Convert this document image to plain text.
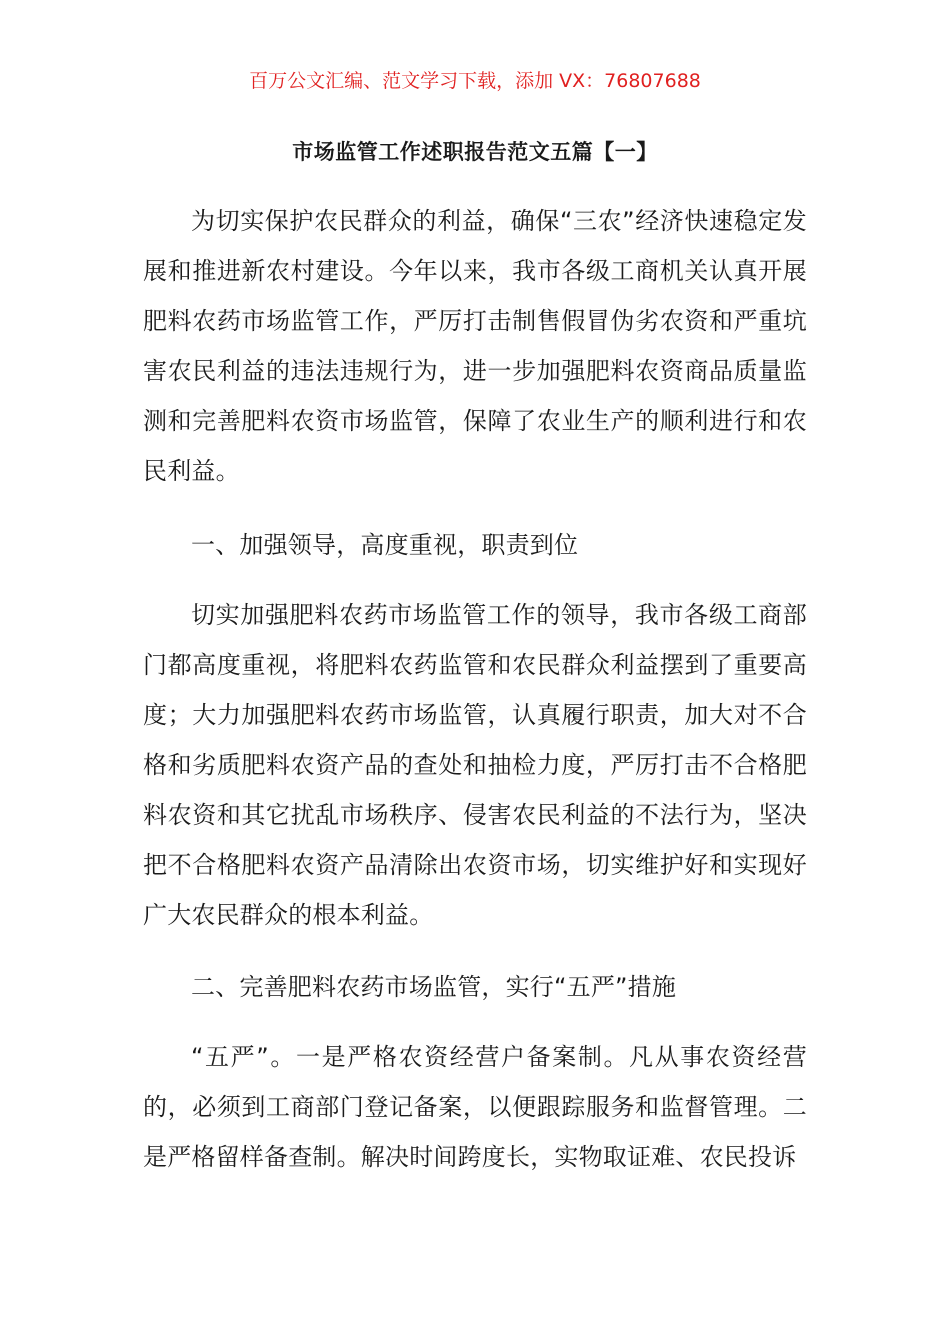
百万公文汇编、范文学习下载，添加 VX：76807688
市场监管工作述职报告范文五篇【一】

为切实保护农民群众的利益，确保“三农”经济快速稳定发展和推进新农村建设。今年以来，我市各级工商机关认真开展肥料农药市场监管工作，严厉打击制售假冒伪劣农资和严重坑害农民利益的违法违规行为，进一步加强肥料农资商品质量监测和完善肥料农资市场监管，保障了农业生产的顺利进行和农民利益。

一、加强领导，高度重视，职责到位

切实加强肥料农药市场监管工作的领导，我市各级工商部门都高度重视，将肥料农药监管和农民群众利益摆到了重要高度；大力加强肥料农药市场监管，认真履行职责，加大对不合格和劣质肥料农资产品的查处和抽检力度，严厉打击不合格肥料农资和其它扰乱市场秩序、侵害农民利益的不法行为，坚决把不合格肥料农资产品清除出农资市场，切实维护好和实现好广大农民群众的根本利益。

二、完善肥料农药市场监管，实行“五严”措施

“五严”。一是严格农资经营户备案制。凡从事农资经营的，必须到工商部门登记备案，以便跟踪服务和监督管理。二是严格留样备查制。解决时间跨度长，实物取证难、农民投诉
